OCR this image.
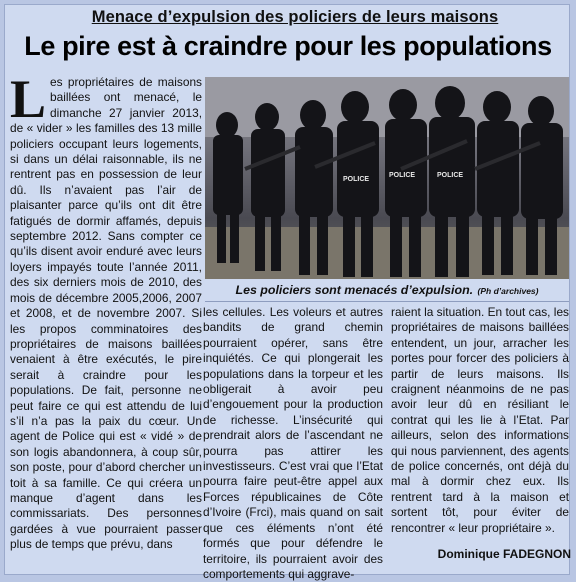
Menace d’expulsion des policiers de leurs maisons
Le pire est à craindre pour les populations

Les propriétaires de maisons baillées ont menacé, le dimanche 27 janvier 2013, de « vider » les familles des 13 mille policiers occupant leurs logements, si dans un délai raisonnable, ils ne rentrent pas en possession de leur dû. Ils n’avaient pas l’air de plaisanter parce qu’ils ont dit être fatigués de dormir affamés, depuis septembre 2012. Sans compter ce qu’ils disent avoir enduré avec leurs loyers impayés toute l’année 2011, des six derniers mois de 2010, des mois de décembre 2005,2006, 2007 et 2008, et de novembre 2007. Si les propos comminatoires des propriétaires de maisons baillées venaient à être exécutés, le pire serait à craindre pour les populations. De fait, personne ne peut faire ce qui est attendu de lui s’il n’a pas la paix du cœur. Un agent de Police qui est « vidé » de son logis abandonnera, à coup sûr, son poste, pour d’abord chercher un toit à sa famille. Ce qui créera un manque d’agent dans les commissariats. Des personnes gardées à vue pourraient passer plus de temps que prévu, dans

POLICE
POLICE	POLICE
Les policiers sont menacés d’expulsion. (Ph d’archives)

les cellules. Les voleurs et autres bandits de grand chemin pourraient opérer, sans être inquiétés. Ce qui plongerait les populations dans la torpeur et les obligerait à avoir peu d’engouement pour la production de richesse. L’insécurité qui prendrait alors de l’ascendant ne pourra pas attirer les investisseurs. C’est vrai que l’Etat pourra faire peut-être appel aux Forces républicaines de Côte d’Ivoire (Frci), mais quand on sait que ces éléments n’ont été formés que pour défendre le territoire, ils pourraient avoir des comportements qui aggrave-

raient la situation. En tout cas, les propriétaires de maisons baillées entendent, un jour, arracher les portes pour forcer des policiers à partir de leurs maisons. Ils craignent néanmoins de ne pas avoir leur dû en résiliant le contrat qui les lie à l’Etat. Par ailleurs, selon des informations qui nous parviennent, des agents de police concernés, ont déjà du mal à dormir chez eux. Ils rentrent tard à la maison et sortent tôt, pour éviter de rencontrer « leur propriétaire ».

Dominique FADEGNON
